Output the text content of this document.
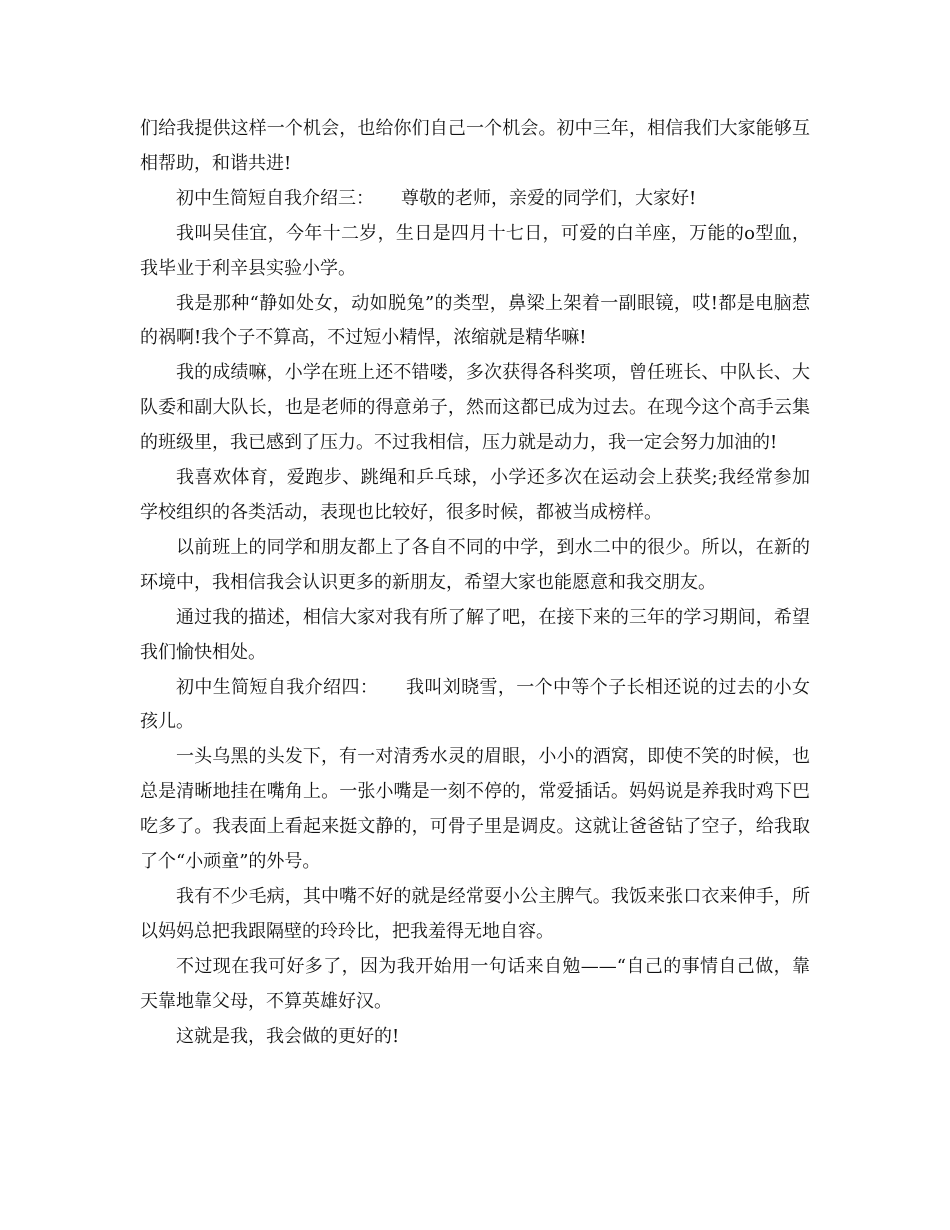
们给我提供这样一个机会，也给你们自己一个机会。初中三年，相信我们大家能够互相帮助，和谐共进!

初中生简短自我介绍三：　　尊敬的老师，亲爱的同学们，大家好!

我叫吴佳宜，今年十二岁，生日是四月十七日，可爱的白羊座，万能的o型血，我毕业于利辛县实验小学。

我是那种“静如处女，动如脱兔”的类型，鼻梁上架着一副眼镜，哎!都是电脑惹的祸啊!我个子不算高，不过短小精悍，浓缩就是精华嘛!

我的成绩嘛，小学在班上还不错喽，多次获得各科奖项，曾任班长、中队长、大队委和副大队长，也是老师的得意弟子，然而这都已成为过去。在现今这个高手云集的班级里，我已感到了压力。不过我相信，压力就是动力，我一定会努力加油的!

我喜欢体育，爱跑步、跳绳和乒乓球，小学还多次在运动会上获奖;我经常参加学校组织的各类活动，表现也比较好，很多时候，都被当成榜样。

以前班上的同学和朋友都上了各自不同的中学，到水二中的很少。所以，在新的环境中，我相信我会认识更多的新朋友，希望大家也能愿意和我交朋友。

通过我的描述，相信大家对我有所了解了吧，在接下来的三年的学习期间，希望我们愉快相处。

初中生简短自我介绍四：　　我叫刘晓雪，一个中等个子长相还说的过去的小女孩儿。

一头乌黑的头发下，有一对清秀水灵的眉眼，小小的酒窝，即使不笑的时候，也总是清晰地挂在嘴角上。一张小嘴是一刻不停的，常爱插话。妈妈说是养我时鸡下巴吃多了。我表面上看起来挺文静的，可骨子里是调皮。这就让爸爸钻了空子，给我取了个“小顽童”的外号。

我有不少毛病，其中嘴不好的就是经常耍小公主脾气。我饭来张口衣来伸手，所以妈妈总把我跟隔壁的玲玲比，把我羞得无地自容。

不过现在我可好多了，因为我开始用一句话来自勉——“自己的事情自己做，靠天靠地靠父母，不算英雄好汉。

这就是我，我会做的更好的!
